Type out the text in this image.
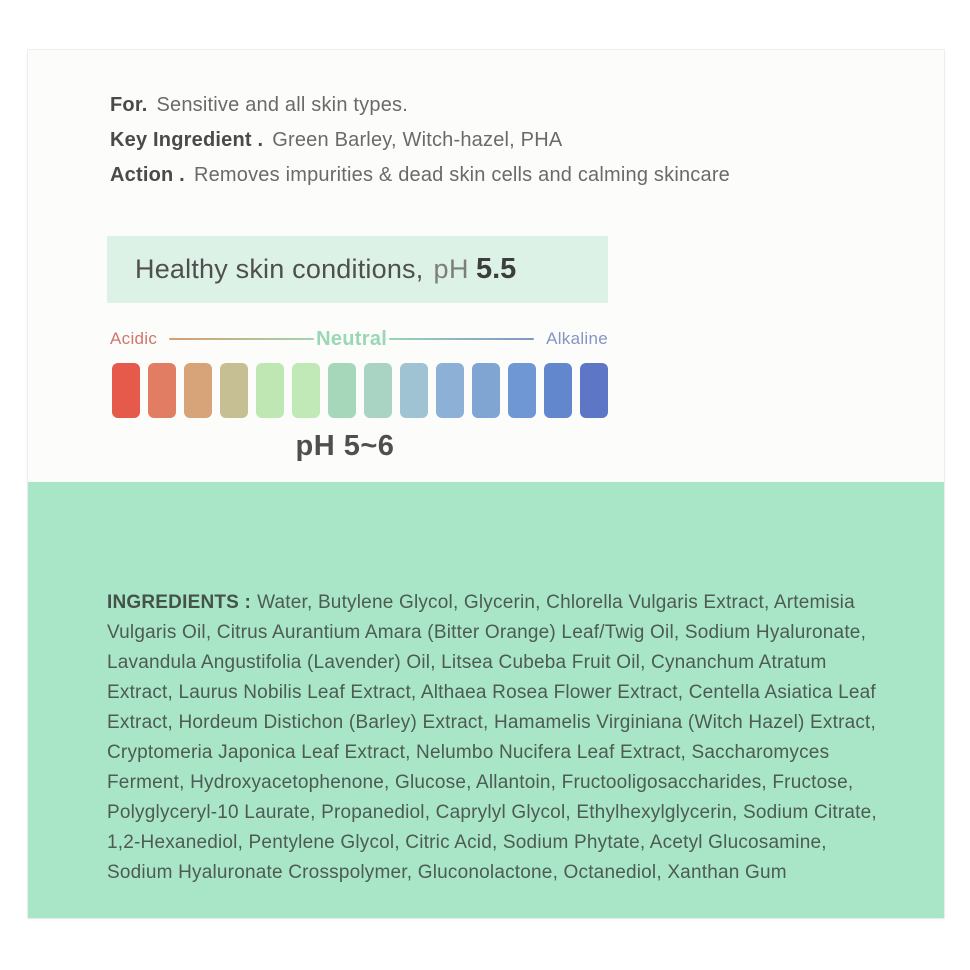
For. Sensitive and all skin types.
Key Ingredient . Green Barley, Witch-hazel, PHA
Action . Removes impurities & dead skin cells and calming skincare
Healthy skin conditions, pH 5.5
Acidic	Neutral	Alkaline
pH 5~6

INGREDIENTS : Water, Butylene Glycol, Glycerin, Chlorella Vulgaris Extract, Artemisia Vulgaris Oil, Citrus Aurantium Amara (Bitter Orange) Leaf/Twig Oil, Sodium Hyaluronate, Lavandula Angustifolia (Lavender) Oil, Litsea Cubeba Fruit Oil, Cynanchum Atratum Extract, Laurus Nobilis Leaf Extract, Althaea Rosea Flower Extract, Centella Asiatica Leaf Extract, Hordeum Distichon (Barley) Extract, Hamamelis Virginiana (Witch Hazel) Extract, Cryptomeria Japonica Leaf Extract, Nelumbo Nucifera Leaf Extract, Saccharomyces Ferment, Hydroxyacetophenone, Glucose, Allantoin, Fructooligosaccharides, Fructose, Polyglyceryl-10 Laurate, Propanediol, Caprylyl Glycol, Ethylhexylglycerin, Sodium Citrate, 1,2-Hexanediol, Pentylene Glycol, Citric Acid, Sodium Phytate, Acetyl Glucosamine, Sodium Hyaluronate Crosspolymer, Gluconolactone, Octanediol, Xanthan Gum
